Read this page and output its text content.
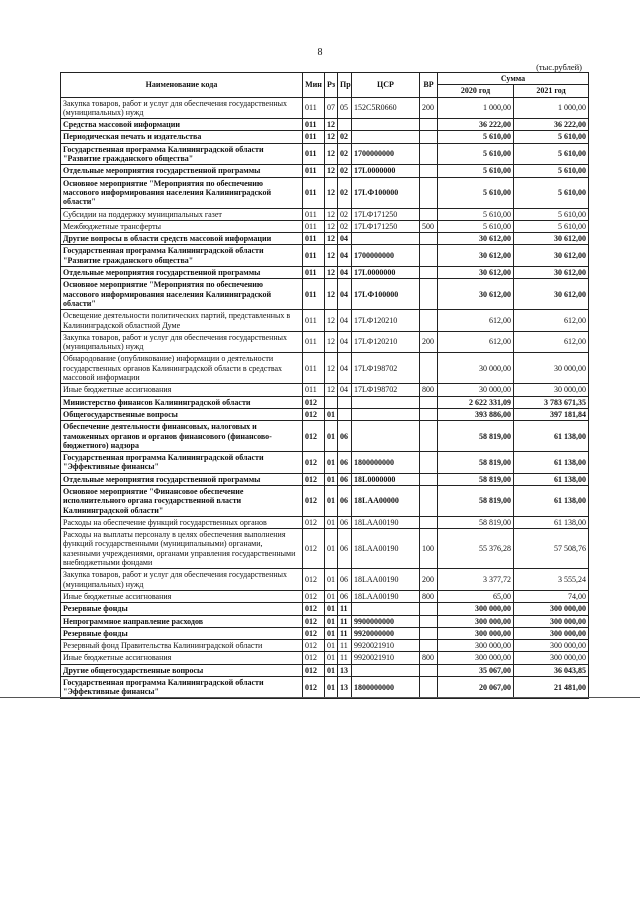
8
(тыс.рублей)
Наименование кода	Мин	Рз	Пр	ЦСР	ВР	Сумма	
						2020 год	2021 год
Закупка товаров, работ и услуг для обеспечения государственных (муниципальных) нужд	011	07	05	152С5R0660	200	1 000,00	1 000,00
Средства массовой информации	011	12				36 222,00	36 222,00
Периодическая печать и издательства	011	12	02			5 610,00	5 610,00
Государственная программа Калининградской области "Развитие гражданского общества"	011	12	02	1700000000		5 610,00	5 610,00
Отдельные мероприятия государственной программы	011	12	02	17L0000000		5 610,00	5 610,00
Основное мероприятие "Мероприятия по обеспечению массового информирования населения Калининградской области"	011	12	02	17LФ100000		5 610,00	5 610,00
Субсидии на поддержку муниципальных газет	011	12	02	17LФ171250		5 610,00	5 610,00
Межбюджетные трансферты	011	12	02	17LФ171250	500	5 610,00	5 610,00
Другие вопросы в области средств массовой информации	011	12	04			30 612,00	30 612,00
Государственная программа Калининградской области "Развитие гражданского общества"	011	12	04	1700000000		30 612,00	30 612,00
Отдельные мероприятия государственной программы	011	12	04	17L0000000		30 612,00	30 612,00
Основное мероприятие "Мероприятия по обеспечению массового информирования населения Калининградской области"	011	12	04	17LФ100000		30 612,00	30 612,00
Освещение деятельности политических партий, представленных в Калининградской областной Думе	011	12	04	17LФ120210		612,00	612,00
Закупка товаров, работ и услуг для обеспечения государственных (муниципальных) нужд	011	12	04	17LФ120210	200	612,00	612,00
Обнародование (опубликование) информации о деятельности государственных органов Калининградской области в средствах массовой информации	011	12	04	17LФ198702		30 000,00	30 000,00
Иные бюджетные ассигнования	011	12	04	17LФ198702	800	30 000,00	30 000,00
Министерство финансов Калининградской области	012					2 622 331,09	3 783 671,35
Общегосударственные вопросы	012	01				393 886,00	397 181,84
Обеспечение деятельности финансовых, налоговых и таможенных органов и органов финансового (финансово-бюджетного) надзора	012	01	06			58 819,00	61 138,00
Государственная программа Калининградской области "Эффективные финансы"	012	01	06	1800000000		58 819,00	61 138,00
Отдельные мероприятия государственной программы	012	01	06	18L0000000		58 819,00	61 138,00
Основное мероприятие "Финансовое обеспечение исполнительного органа государственной власти Калининградской области"	012	01	06	18LAA00000		58 819,00	61 138,00
Расходы на обеспечение функций государственных органов	012	01	06	18LAA00190		58 819,00	61 138,00
Расходы на выплаты персоналу в целях обеспечения выполнения функций государственными (муниципальными) органами, казенными учреждениями, органами управления государственными внебюджетными фондами	012	01	06	18LAA00190	100	55 376,28	57 508,76
Закупка товаров, работ и услуг для обеспечения государственных (муниципальных) нужд	012	01	06	18LAA00190	200	3 377,72	3 555,24
Иные бюджетные ассигнования	012	01	06	18LAA00190	800	65,00	74,00
Резервные фонды	012	01	11			300 000,00	300 000,00
Непрограммное направление расходов	012	01	11	9900000000		300 000,00	300 000,00
Резервные фонды	012	01	11	9920000000		300 000,00	300 000,00
Резервный фонд Правительства Калининградской области	012	01	11	9920021910		300 000,00	300 000,00
Иные бюджетные ассигнования	012	01	11	9920021910	800	300 000,00	300 000,00
Другие общегосударственные вопросы	012	01	13			35 067,00	36 043,85
Государственная программа Калининградской области "Эффективные финансы"	012	01	13	1800000000		20 067,00	21 481,00
